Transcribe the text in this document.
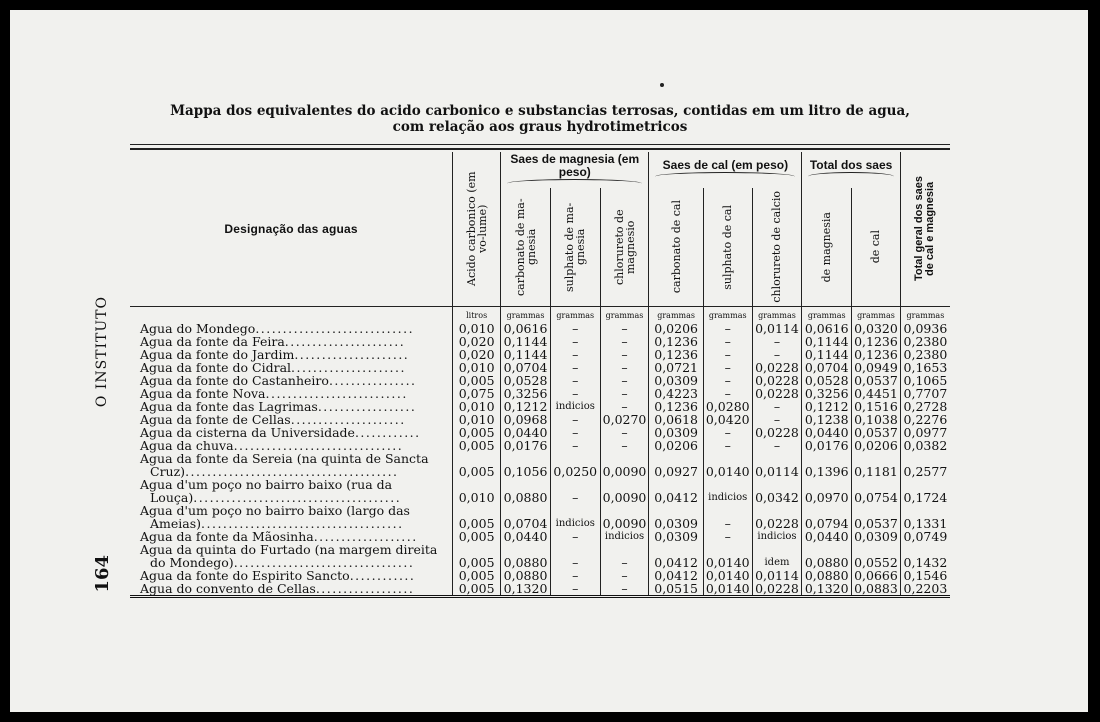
O INSTITUTO
164
Mappa dos equivalentes do acido carbonico e substancias terrosas, contidas em um litro de agua,
com relação aos graus hydrotimetricos
Designação das aguas	Acido carbonico (em vo-lume)	Saes de magnesia (em peso)			Saes de cal (em peso)			Total dos saes		Total geral dos saes de cal e magnesia

		carbonato de ma-gnesia	sulphato de ma-gnesia	chlorureto de magnesio	carbonato de cal	sulphato de cal	chlorureto de calcio	de magnesia	de cal	

	litros	grammas	grammas	grammas	grammas	grammas	grammas	grammas	grammas	grammas

Agua do Mondego.............................	0,010	0,0616	–	–	0,0206	–	0,0114	0,0616	0,0320	0,0936

Agua da fonte da Feira......................	0,020	0,1144	–	–	0,1236	–	–	0,1144	0,1236	0,2380

Agua da fonte do Jardim.....................	0,020	0,1144	–	–	0,1236	–	–	0,1144	0,1236	0,2380

Agua da fonte do Cidral.....................	0,010	0,0704	–	–	0,0721	–	0,0228	0,0704	0,0949	0,1653

Agua da fonte do Castanheiro................	0,005	0,0528	–	–	0,0309	–	0,0228	0,0528	0,0537	0,1065

Agua da fonte Nova..........................	0,075	0,3256	–	–	0,4223	–	0,0228	0,3256	0,4451	0,7707

Agua da fonte das Lagrimas..................	0,010	0,1212	indicios	–	0,1236	0,0280	–	0,1212	0,1516	0,2728

Agua da fonte de Cellas.....................	0,010	0,0968	–	0,0270	0,0618	0,0420	–	0,1238	0,1038	0,2276

Agua da cisterna da Universidade............	0,005	0,0440	–	–	0,0309	–	0,0228	0,0440	0,0537	0,0977

Agua da chuva...............................	0,005	0,0176	–	–	0,0206	–	–	0,0176	0,0206	0,0382

Agua da fonte da Sereia (na quinta de Sancta
Cruz).......................................	0,005	0,1056	0,0250	0,0090	0,0927	0,0140	0,0114	0,1396	0,1181	0,2577

Agua d'um poço no bairro baixo (rua da
Louça)......................................	0,010	0,0880	–	0,0090	0,0412	indicios	0,0342	0,0970	0,0754	0,1724

Agua d'um poço no bairro baixo (largo das
Ameias).....................................	0,005	0,0704	indicios	0,0090	0,0309	–	0,0228	0,0794	0,0537	0,1331

Agua da fonte da Mãosinha...................	0,005	0,0440	–	indicios	0,0309	–	indicios	0,0440	0,0309	0,0749

Agua da quinta do Furtado (na margem direita
do Mondego).................................	0,005	0,0880	–	–	0,0412	0,0140	idem	0,0880	0,0552	0,1432

Agua da fonte do Espirito Sancto............	0,005	0,0880	–	–	0,0412	0,0140	0,0114	0,0880	0,0666	0,1546

Agua do convento de Cellas..................	0,005	0,1320	–	–	0,0515	0,0140	0,0228	0,1320	0,0883	0,2203
